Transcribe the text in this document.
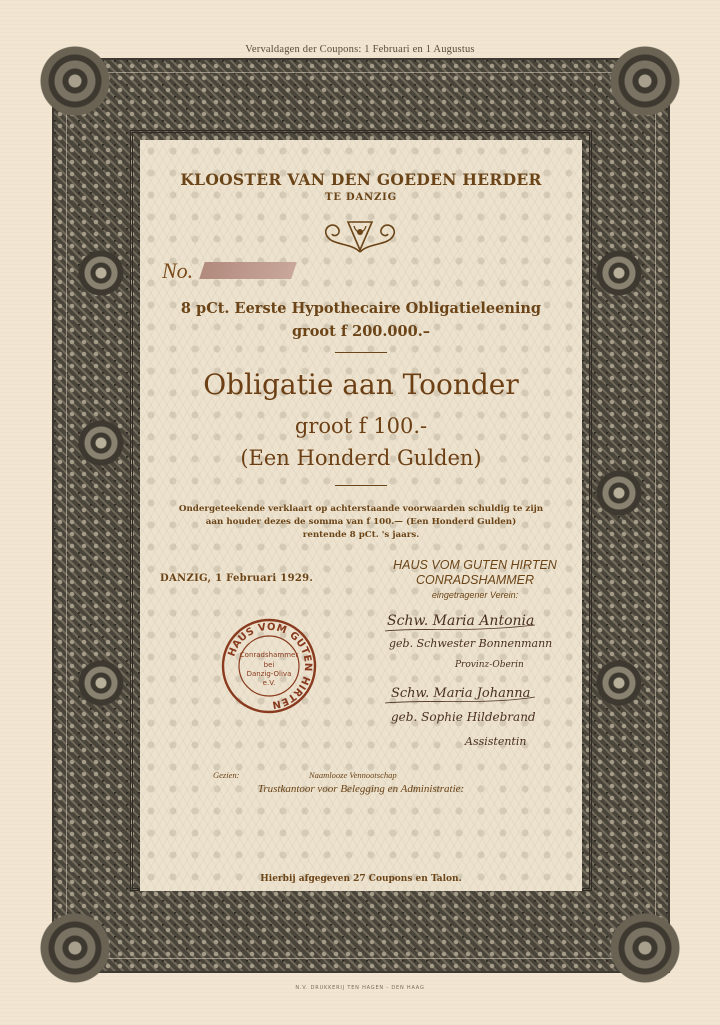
Vervaldagen der Coupons: 1 Februari en 1 Augustus
KLOOSTER VAN DEN GOEDEN HERDER
TE DANZIG
No.
8 pCt. Eerste Hypothecaire Obligatieleening
groot f 200.000.–
Obligatie aan Toonder
groot f 100.-
(Een Honderd Gulden)
Ondergeteekende verklaart op achterstaande voorwaarden schuldig te zijn
aan houder dezes de somma van f 100.— (Een Honderd Gulden)
rentende 8 pCt. 's jaars.
DANZIG, 1 Februari 1929.
HAUS VOM GUTEN HIRTEN
CONRADSHAMMER
eingetragener Verein:
HAUS VOM GUTEN HIRTEN
Conradshammer
bei
Danzig-Oliva
e.V.
Schw. Maria Antonia
geb. Schwester Bonnenmann
Provinz-Oberin
Schw. Maria Johanna
geb. Sophie Hildebrand
Assistentin
Gezien:	Naamlooze Vennootschap
Trustkantoor voor Belegging en Administratie:
Hierbij afgegeven 27 Coupons en Talon.
N.V. DRUKKERIJ TEN HAGEN - DEN HAAG
